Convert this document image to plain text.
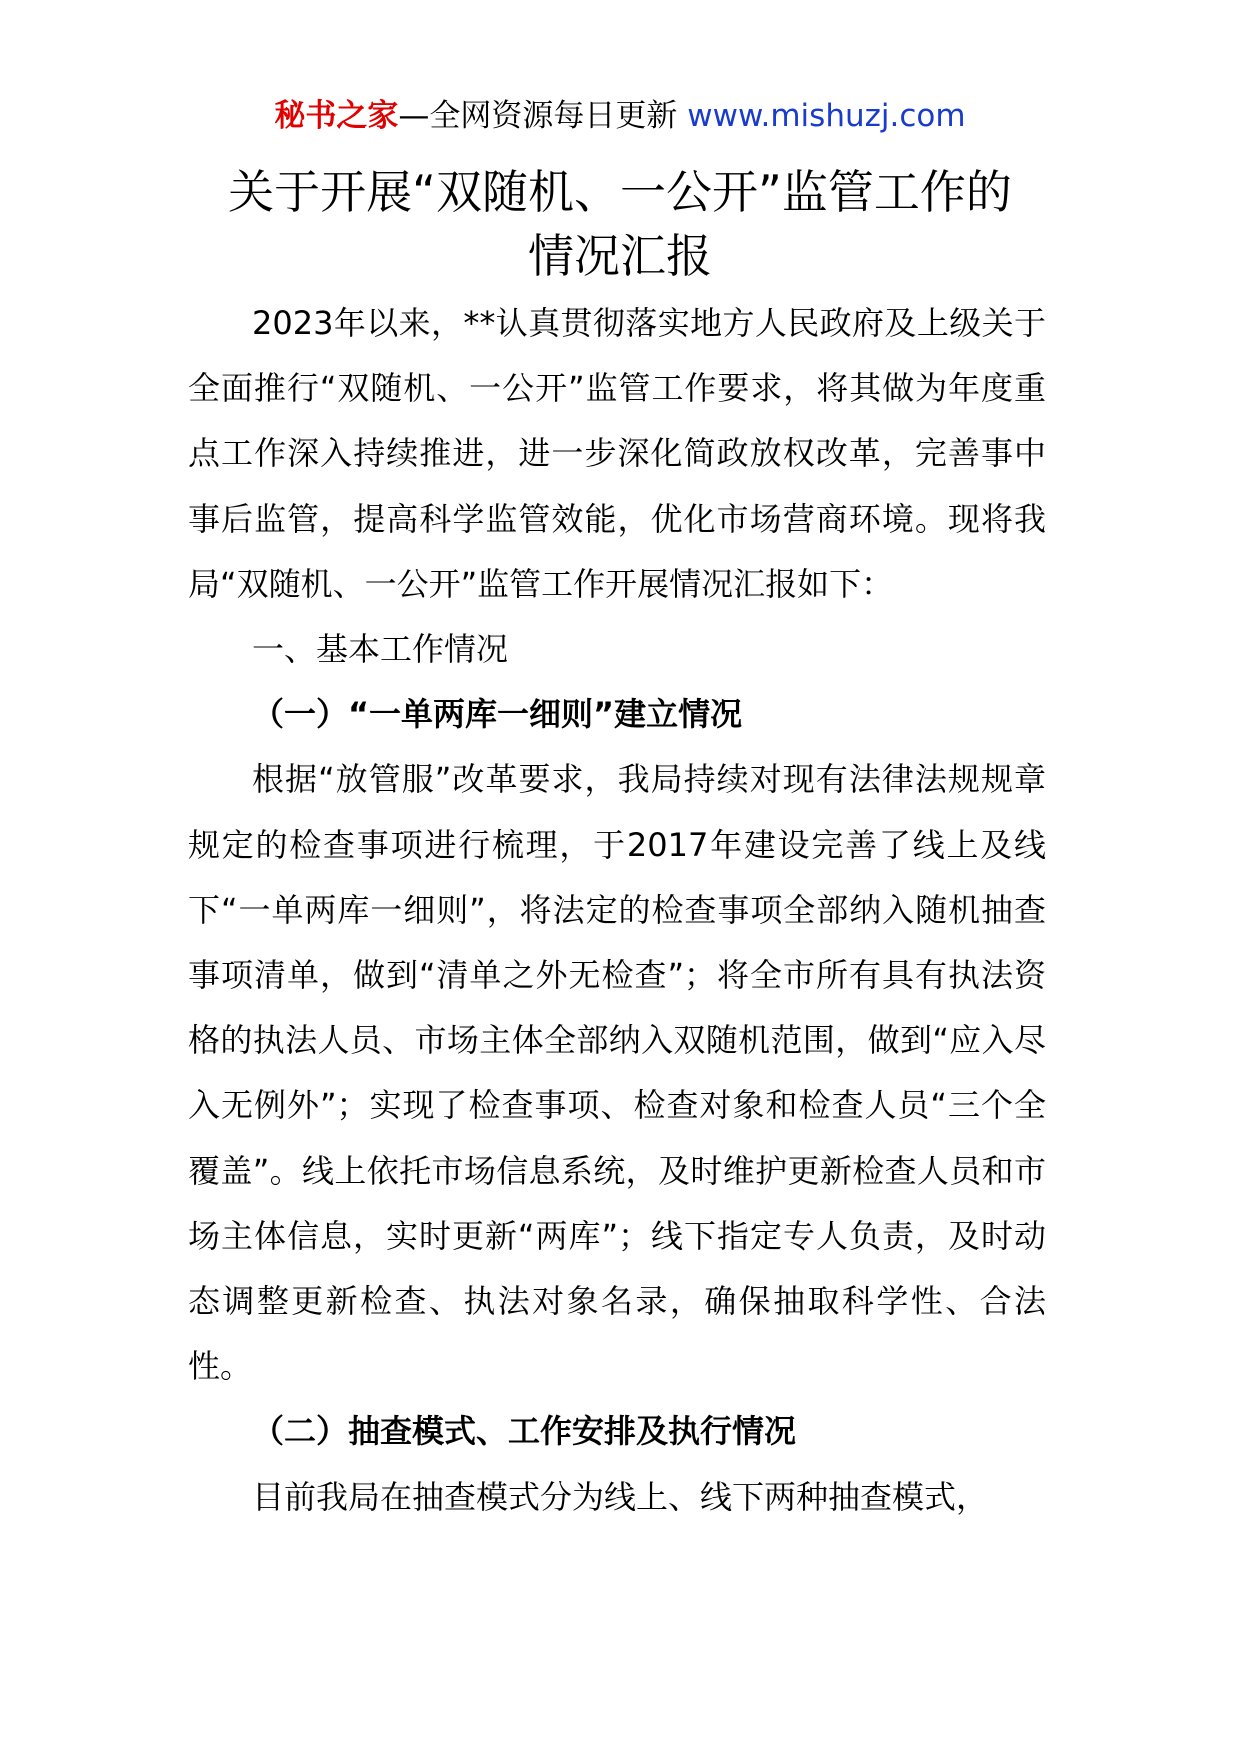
秘书之家—全网资源每日更新 www.mishuzj.com
关于开展“双随机、一公开”监管工作的
情况汇报

2023年以来，**认真贯彻落实地方人民政府及上级关于全面推行“双随机、一公开”监管工作要求，将其做为年度重点工作深入持续推进，进一步深化简政放权改革，完善事中事后监管，提高科学监管效能，优化市场营商环境。现将我局“双随机、一公开”监管工作开展情况汇报如下：

一、基本工作情况

（一）“一单两库一细则”建立情况

根据“放管服”改革要求，我局持续对现有法律法规规章规定的检查事项进行梳理，于2017年建设完善了线上及线下“一单两库一细则”，将法定的检查事项全部纳入随机抽查事项清单，做到“清单之外无检查”；将全市所有具有执法资格的执法人员、市场主体全部纳入双随机范围，做到“应入尽入无例外”；实现了检查事项、检查对象和检查人员“三个全覆盖”。线上依托市场信息系统，及时维护更新检查人员和市场主体信息，实时更新“两库”；线下指定专人负责，及时动态调整更新检查、执法对象名录，确保抽取科学性、合法性。

（二）抽查模式、工作安排及执行情况

目前我局在抽查模式分为线上、线下两种抽查模式，
